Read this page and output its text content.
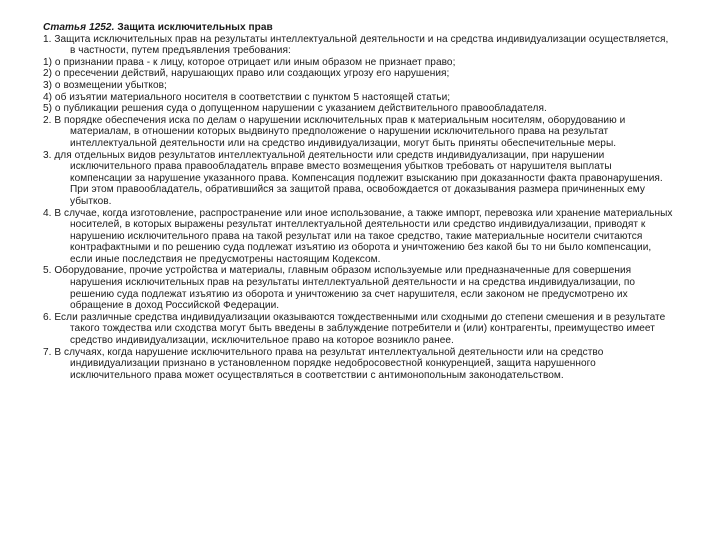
Статья 1252. Защита исключительных прав

1. Защита исключительных прав на результаты интеллектуальной деятельности и на средства индивидуализации осуществляется, в частности, путем предъявления требования:

1) о признании права - к лицу, которое отрицает или иным образом не признает право;

2) о пресечении действий, нарушающих право или создающих угрозу его нарушения;

3) о возмещении убытков;

4) об изъятии материального носителя в соответствии с пунктом 5 настоящей статьи;

5) о публикации решения суда о допущенном нарушении с указанием действительного правообладателя.

2. В порядке обеспечения иска по делам о нарушении исключительных прав к материальным носителям, оборудованию и материалам, в отношении которых выдвинуто предположение о нарушении исключительного права на результат интеллектуальной деятельности или на средство индивидуализации, могут быть приняты обеспечительные меры.

3. для отдельных видов результатов интеллектуальной деятельности или средств индивидуализации, при нарушении исключительного права правообладатель вправе вместо возмещения убытков требовать от нарушителя выплаты компенсации за нарушение указанного права. Компенсация подлежит взысканию при доказанности факта правонарушения. При этом правообладатель, обратившийся за защитой права, освобождается от доказывания размера причиненных ему убытков.

4. В случае, когда изготовление, распространение или иное использование, а также импорт, перевозка или хранение материальных носителей, в которых выражены результат интеллектуальной деятельности или средство индивидуализации, приводят к нарушению исключительного права на такой результат или на такое средство, такие материальные носители считаются контрафактными и по решению суда подлежат изъятию из оборота и уничтожению без какой бы то ни было компенсации, если иные последствия не предусмотрены настоящим Кодексом.

5. Оборудование, прочие устройства и материалы, главным образом используемые или предназначенные для совершения нарушения исключительных прав на результаты интеллектуальной деятельности и на средства индивидуализации, по решению суда подлежат изъятию из оборота и уничтожению за счет нарушителя, если законом не предусмотрено их обращение в доход Российской Федерации.

6. Если различные средства индивидуализации оказываются тождественными или сходными до степени смешения и в результате такого тождества или сходства могут быть введены в заблуждение потребители и (или) контрагенты, преимущество имеет средство индивидуализации, исключительное право на которое возникло ранее.

7. В случаях, когда нарушение исключительного права на результат интеллектуальной деятельности или на средство индивидуализации признано в установленном порядке недобросовестной конкуренцией, защита нарушенного исключительного права может осуществляться в соответствии с антимонопольным законодательством.
